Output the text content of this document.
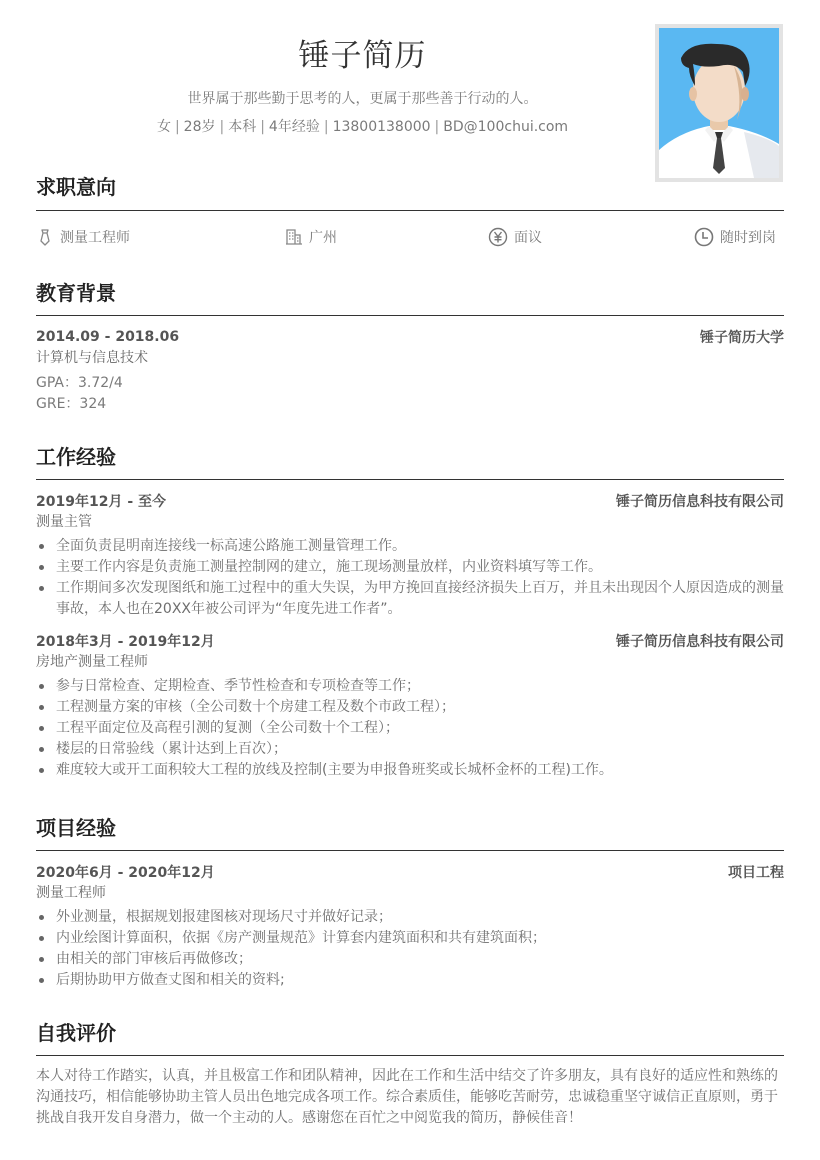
锤子简历
世界属于那些勤于思考的人，更属于那些善于行动的人。
女 | 28岁 | 本科 | 4年经验 | 13800138000 | BD@100chui.com
求职意向
测量工程师	广州	面议	随时到岗
教育背景
2014.09 - 2018.06	锤子简历大学
计算机与信息技术
GPA：3.72/4
GRE：324
工作经验
2019年12月 - 至今	锤子简历信息科技有限公司
测量主管
全面负责昆明南连接线一标高速公路施工测量管理工作。
主要工作内容是负责施工测量控制网的建立，施工现场测量放样，内业资料填写等工作。
工作期间多次发现图纸和施工过程中的重大失误，为甲方挽回直接经济损失上百万，并且未出现因个人原因造成的测量事故，本人也在20XX年被公司评为“年度先进工作者”。
2018年3月 - 2019年12月	锤子简历信息科技有限公司
房地产测量工程师
参与日常检查、定期检查、季节性检查和专项检查等工作；
工程测量方案的审核（全公司数十个房建工程及数个市政工程）；
工程平面定位及高程引测的复测（全公司数十个工程）；
楼层的日常验线（累计达到上百次）；
难度较大或开工面积较大工程的放线及控制(主要为申报鲁班奖或长城杯金杯的工程)工作。
项目经验
2020年6月 - 2020年12月	项目工程
测量工程师
外业测量，根据规划报建图核对现场尺寸并做好记录；
内业绘图计算面积，依据《房产测量规范》计算套内建筑面积和共有建筑面积；
由相关的部门审核后再做修改；
后期协助甲方做查丈图和相关的资料;
自我评价
本人对待工作踏实，认真，并且极富工作和团队精神，因此在工作和生活中结交了许多朋友，具有良好的适应性和熟练的沟通技巧，相信能够协助主管人员出色地完成各项工作。综合素质佳，能够吃苦耐劳，忠诚稳重坚守诚信正直原则，勇于挑战自我开发自身潜力，做一个主动的人。感谢您在百忙之中阅览我的简历，静候佳音！
